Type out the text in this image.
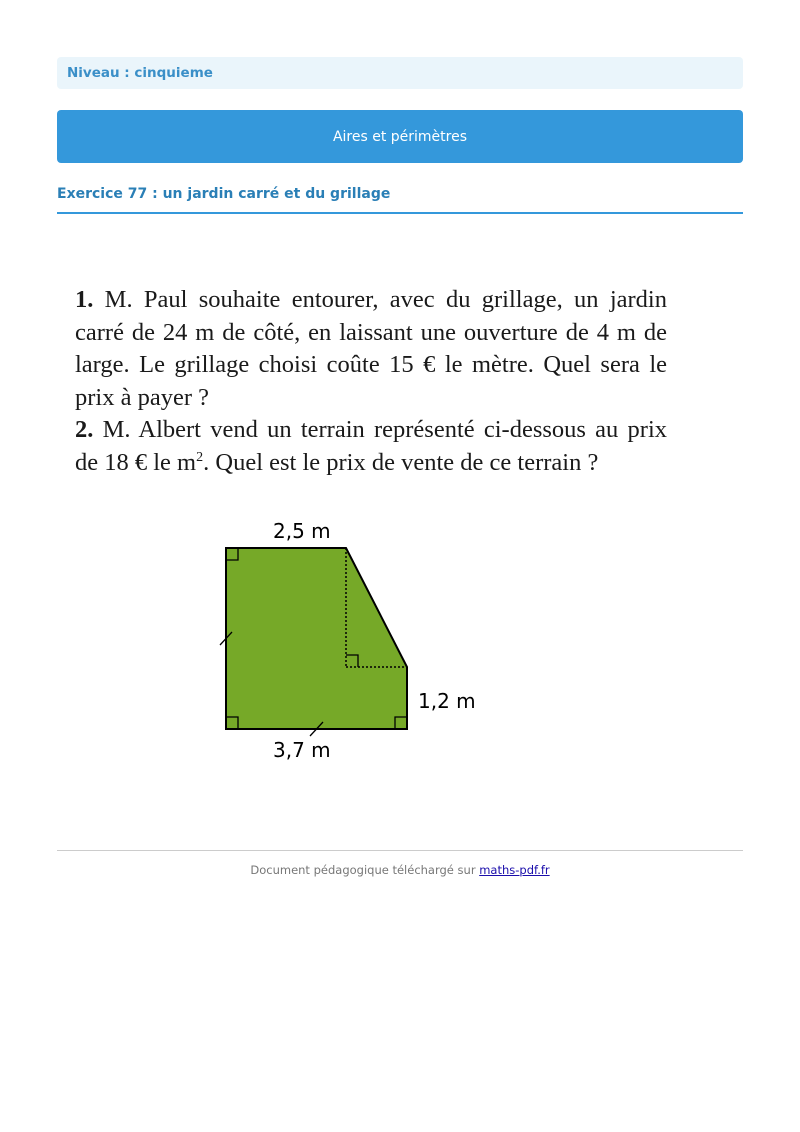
Niveau : cinquieme
Aires et périmètres
Exercice 77 : un jardin carré et du grillage
1. M. Paul souhaite entourer, avec du grillage, un jardin carré de 24 m de côté, en laissant une ouverture de 4 m de large. Le grillage choisi coûte 15 € le mètre. Quel sera le prix à payer ?
2. M. Albert vend un terrain représenté ci-dessous au prix de 18 € le $m^2$. Quel est le prix de vente de ce terrain ?
2,5 m
1,2 m
3,7 m
Document pédagogique téléchargé sur maths-pdf.fr
